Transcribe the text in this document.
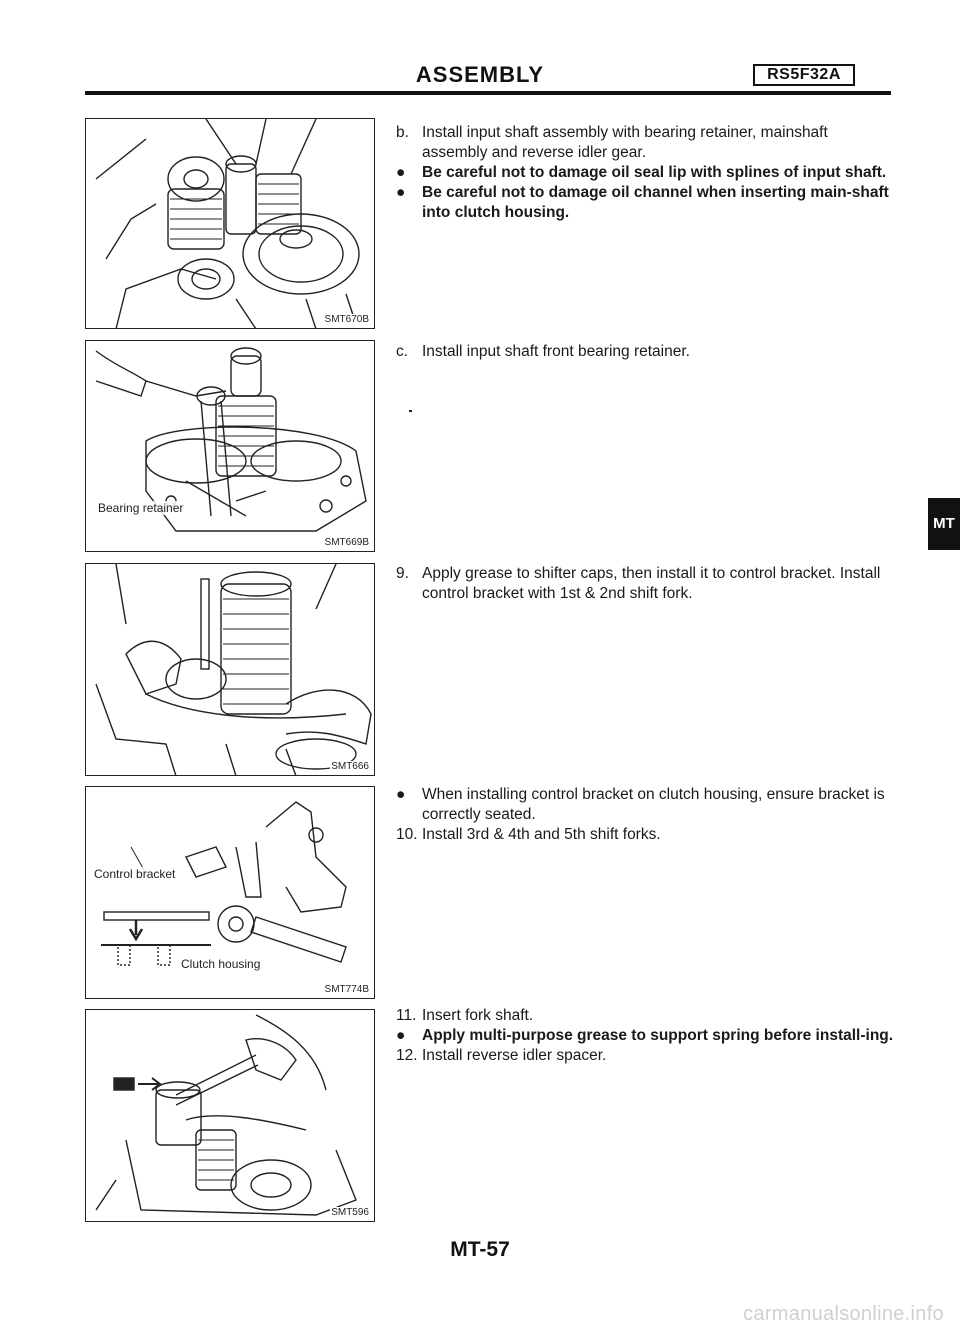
ASSEMBLY	RS5F32A
SMT670B
Bearing retainer
SMT669B
SMT666
Control bracket
Clutch housing
SMT774B
SMT596

b. Install input shaft assembly with bearing retainer, mainshaft assembly and reverse idler gear.

● Be careful not to damage oil seal lip with splines of input shaft.

● Be careful not to damage oil channel when inserting main-shaft into clutch housing.

c. Install input shaft front bearing retainer.

9. Apply grease to shifter caps, then install it to control bracket. Install control bracket with 1st & 2nd shift fork.

● When installing control bracket on clutch housing, ensure bracket is correctly seated.

10. Install 3rd & 4th and 5th shift forks.

11. Insert fork shaft.

● Apply multi-purpose grease to support spring before install-ing.

12. Install reverse idler spacer.

MT
MT-57
carmanualsonline.info
